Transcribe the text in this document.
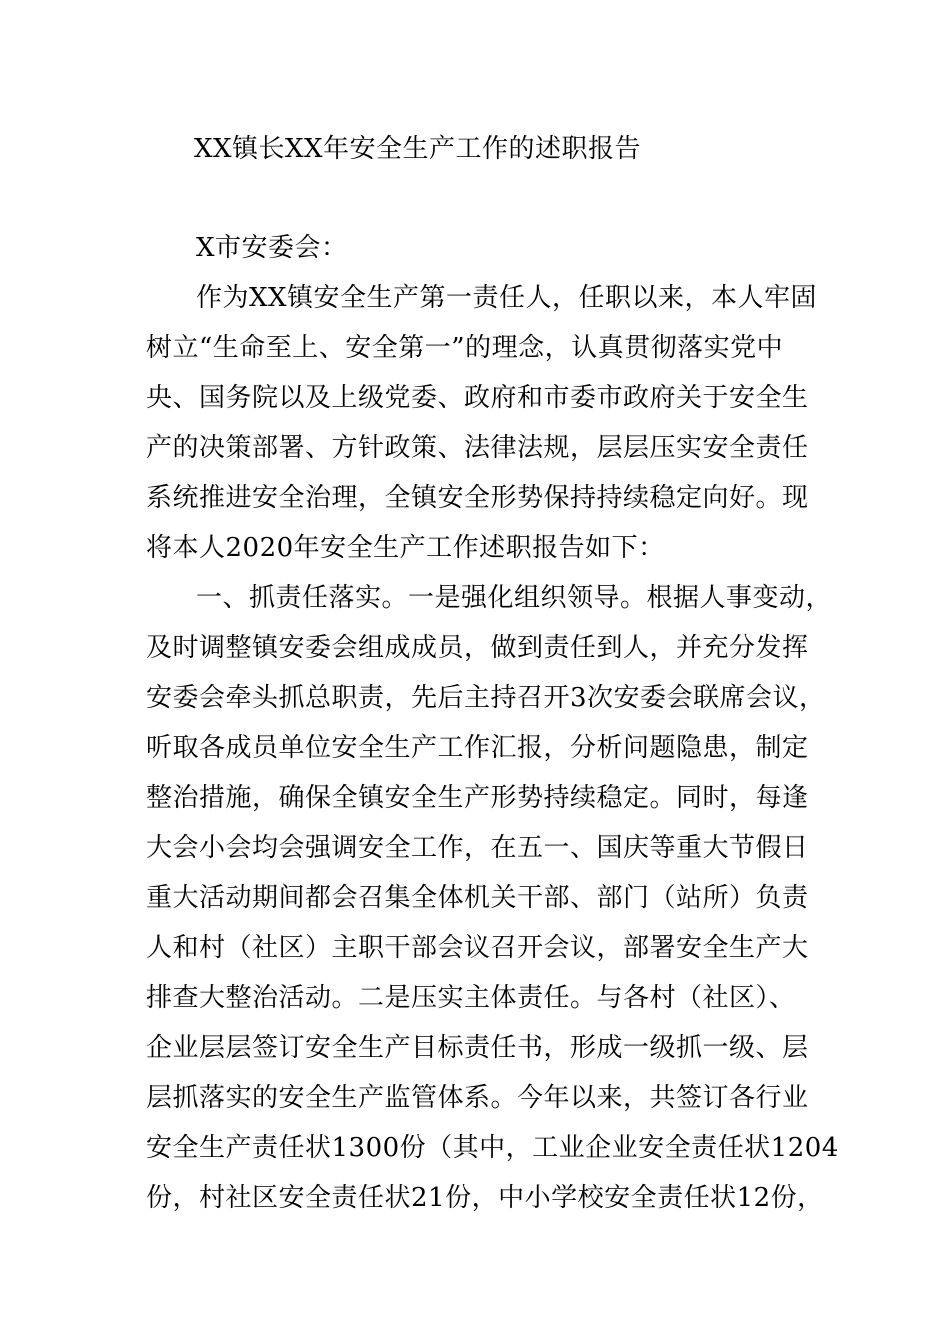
XX镇长XX年安全生产工作的述职报告
X市安委会：
作为XX镇安全生产第一责任人，任职以来，本人牢固
树立“生命至上、安全第一”的理念，认真贯彻落实党中
央、国务院以及上级党委、政府和市委市政府关于安全生
产的决策部署、方针政策、法律法规，层层压实安全责任
系统推进安全治理，全镇安全形势保持持续稳定向好。现
将本人2020年安全生产工作述职报告如下：
一、抓责任落实。一是强化组织领导。根据人事变动，
及时调整镇安委会组成成员，做到责任到人，并充分发挥
安委会牵头抓总职责，先后主持召开3次安委会联席会议，
听取各成员单位安全生产工作汇报，分析问题隐患，制定
整治措施，确保全镇安全生产形势持续稳定。同时，每逢
大会小会均会强调安全工作，在五一、国庆等重大节假日
重大活动期间都会召集全体机关干部、部门（站所）负责
人和村（社区）主职干部会议召开会议，部署安全生产大
排查大整治活动。二是压实主体责任。与各村（社区）、
企业层层签订安全生产目标责任书，形成一级抓一级、层
层抓落实的安全生产监管体系。今年以来，共签订各行业
安全生产责任状1300份（其中，工业企业安全责任状1204
份，村社区安全责任状21份，中小学校安全责任状12份，
